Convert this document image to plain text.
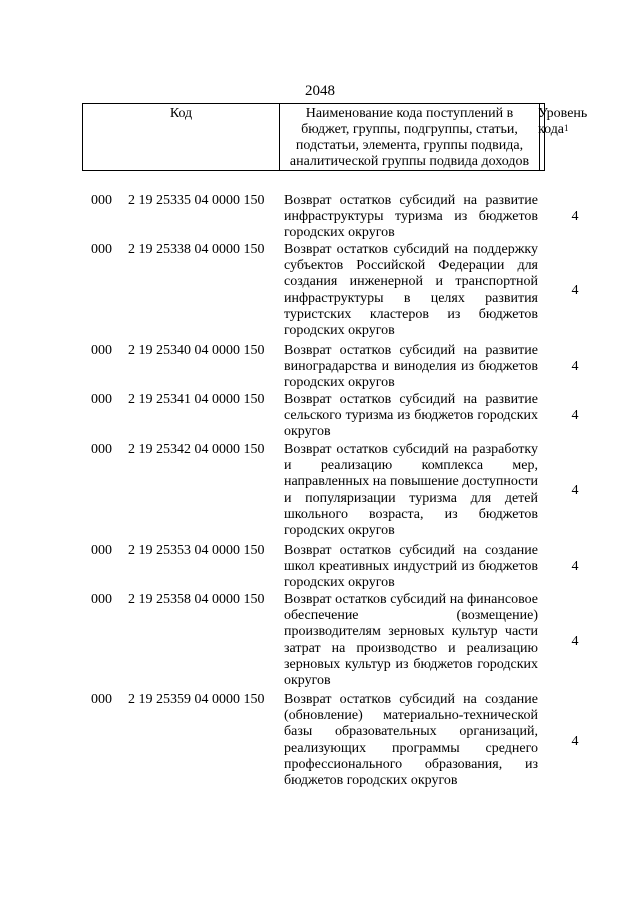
2048
Код	Наименование кода поступлений в бюджет, группы, подгруппы, статьи, подстатьи, элемента, группы подвида, аналитической группы подвида доходов
Уровень кода$^1$
000 2 19 25335 04 0000 150 Возврат остатков субсидий на развитие инфраструктуры туризма из бюджетов городских округов
4
000 2 19 25338 04 0000 150 Возврат остатков субсидий на поддержку субъектов Российской Федерации для создания инженерной и транспортной инфраструктуры в целях развития туристских кластеров из бюджетов городских округов
4
000 2 19 25340 04 0000 150 Возврат остатков субсидий на развитие виноградарства и виноделия из бюджетов городских округов
4
000 2 19 25341 04 0000 150 Возврат остатков субсидий на развитие сельского туризма из бюджетов городских округов
4
000 2 19 25342 04 0000 150 Возврат остатков субсидий на разработку и реализацию комплекса мер, направленных на повышение доступности и популяризации туризма для детей школьного возраста, из бюджетов городских округов
4
000 2 19 25353 04 0000 150 Возврат остатков субсидий на создание школ креативных индустрий из бюджетов городских округов
4
000 2 19 25358 04 0000 150 Возврат остатков субсидий на финансовое обеспечение (возмещение) производителям зерновых культур части затрат на производство и реализацию зерновых культур из бюджетов городских округов
4
000 2 19 25359 04 0000 150 Возврат остатков субсидий на создание (обновление) материально-технической базы образовательных организаций, реализующих программы среднего профессионального образования, из бюджетов городских округов
4
